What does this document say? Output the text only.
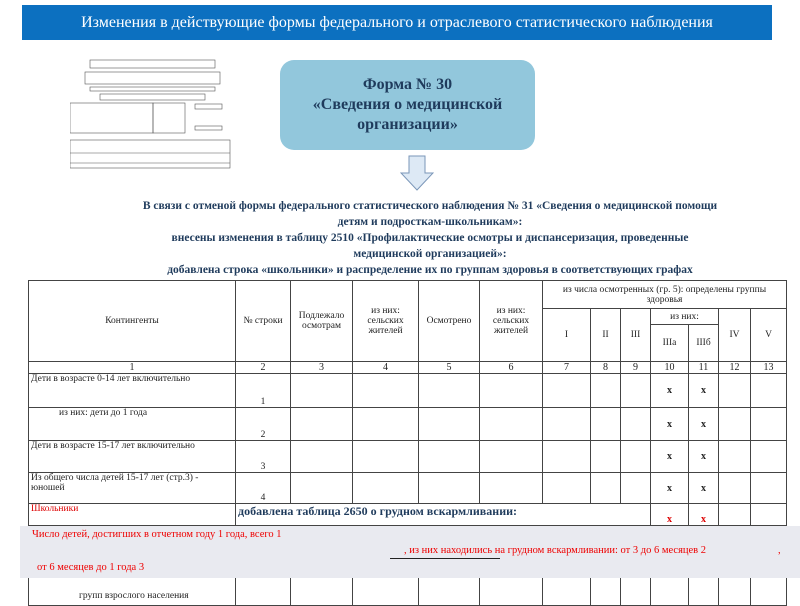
Изменения в действующие формы федерального и отраслевого статистического наблюдения
Форма № 30
«Сведения о медицинской
организации»
В связи с отменой формы федерального статистического наблюдения № 31 «Сведения о медицинской помощи
детям и подросткам-школьникам»:
внесены изменения в таблицу 2510 «Профилактические осмотры и диспансеризация, проведенные
медицинской организацией»:
добавлена строка «школьники» и распределение их по группам здоровья в соответствующих графах
Контингенты	№ строки	Подлежало осмотрам	из них: сельских жителей	Осмотрено	из них: сельских жителей	из числа осмотренных (гр. 5): определены группы здоровья						
						I	II	III	из них:		IV	V
									IIIа	IIIб		
1	2	3	4	5	6	7	8	9	10	11	12	13
Дети в возрасте 0-14 лет включительно	1								x	x		
из них: дети до 1 года	2								x	x		
Дети в возрасте 15-17 лет включительно	3								x	x		
Из общего числа детей 15-17 лет (стр.3) - юношей	4								x	x		
Школьники	добавлена таблица 2650 о грудном вскармливании:								x	x		
групп взрослого населения												
Число детей, достигших в отчетном году 1 года, всего 1
, из них находились на грудном вскармливании: от 3 до 6 месяцев 2	,
от 6 месяцев до 1 года 3
